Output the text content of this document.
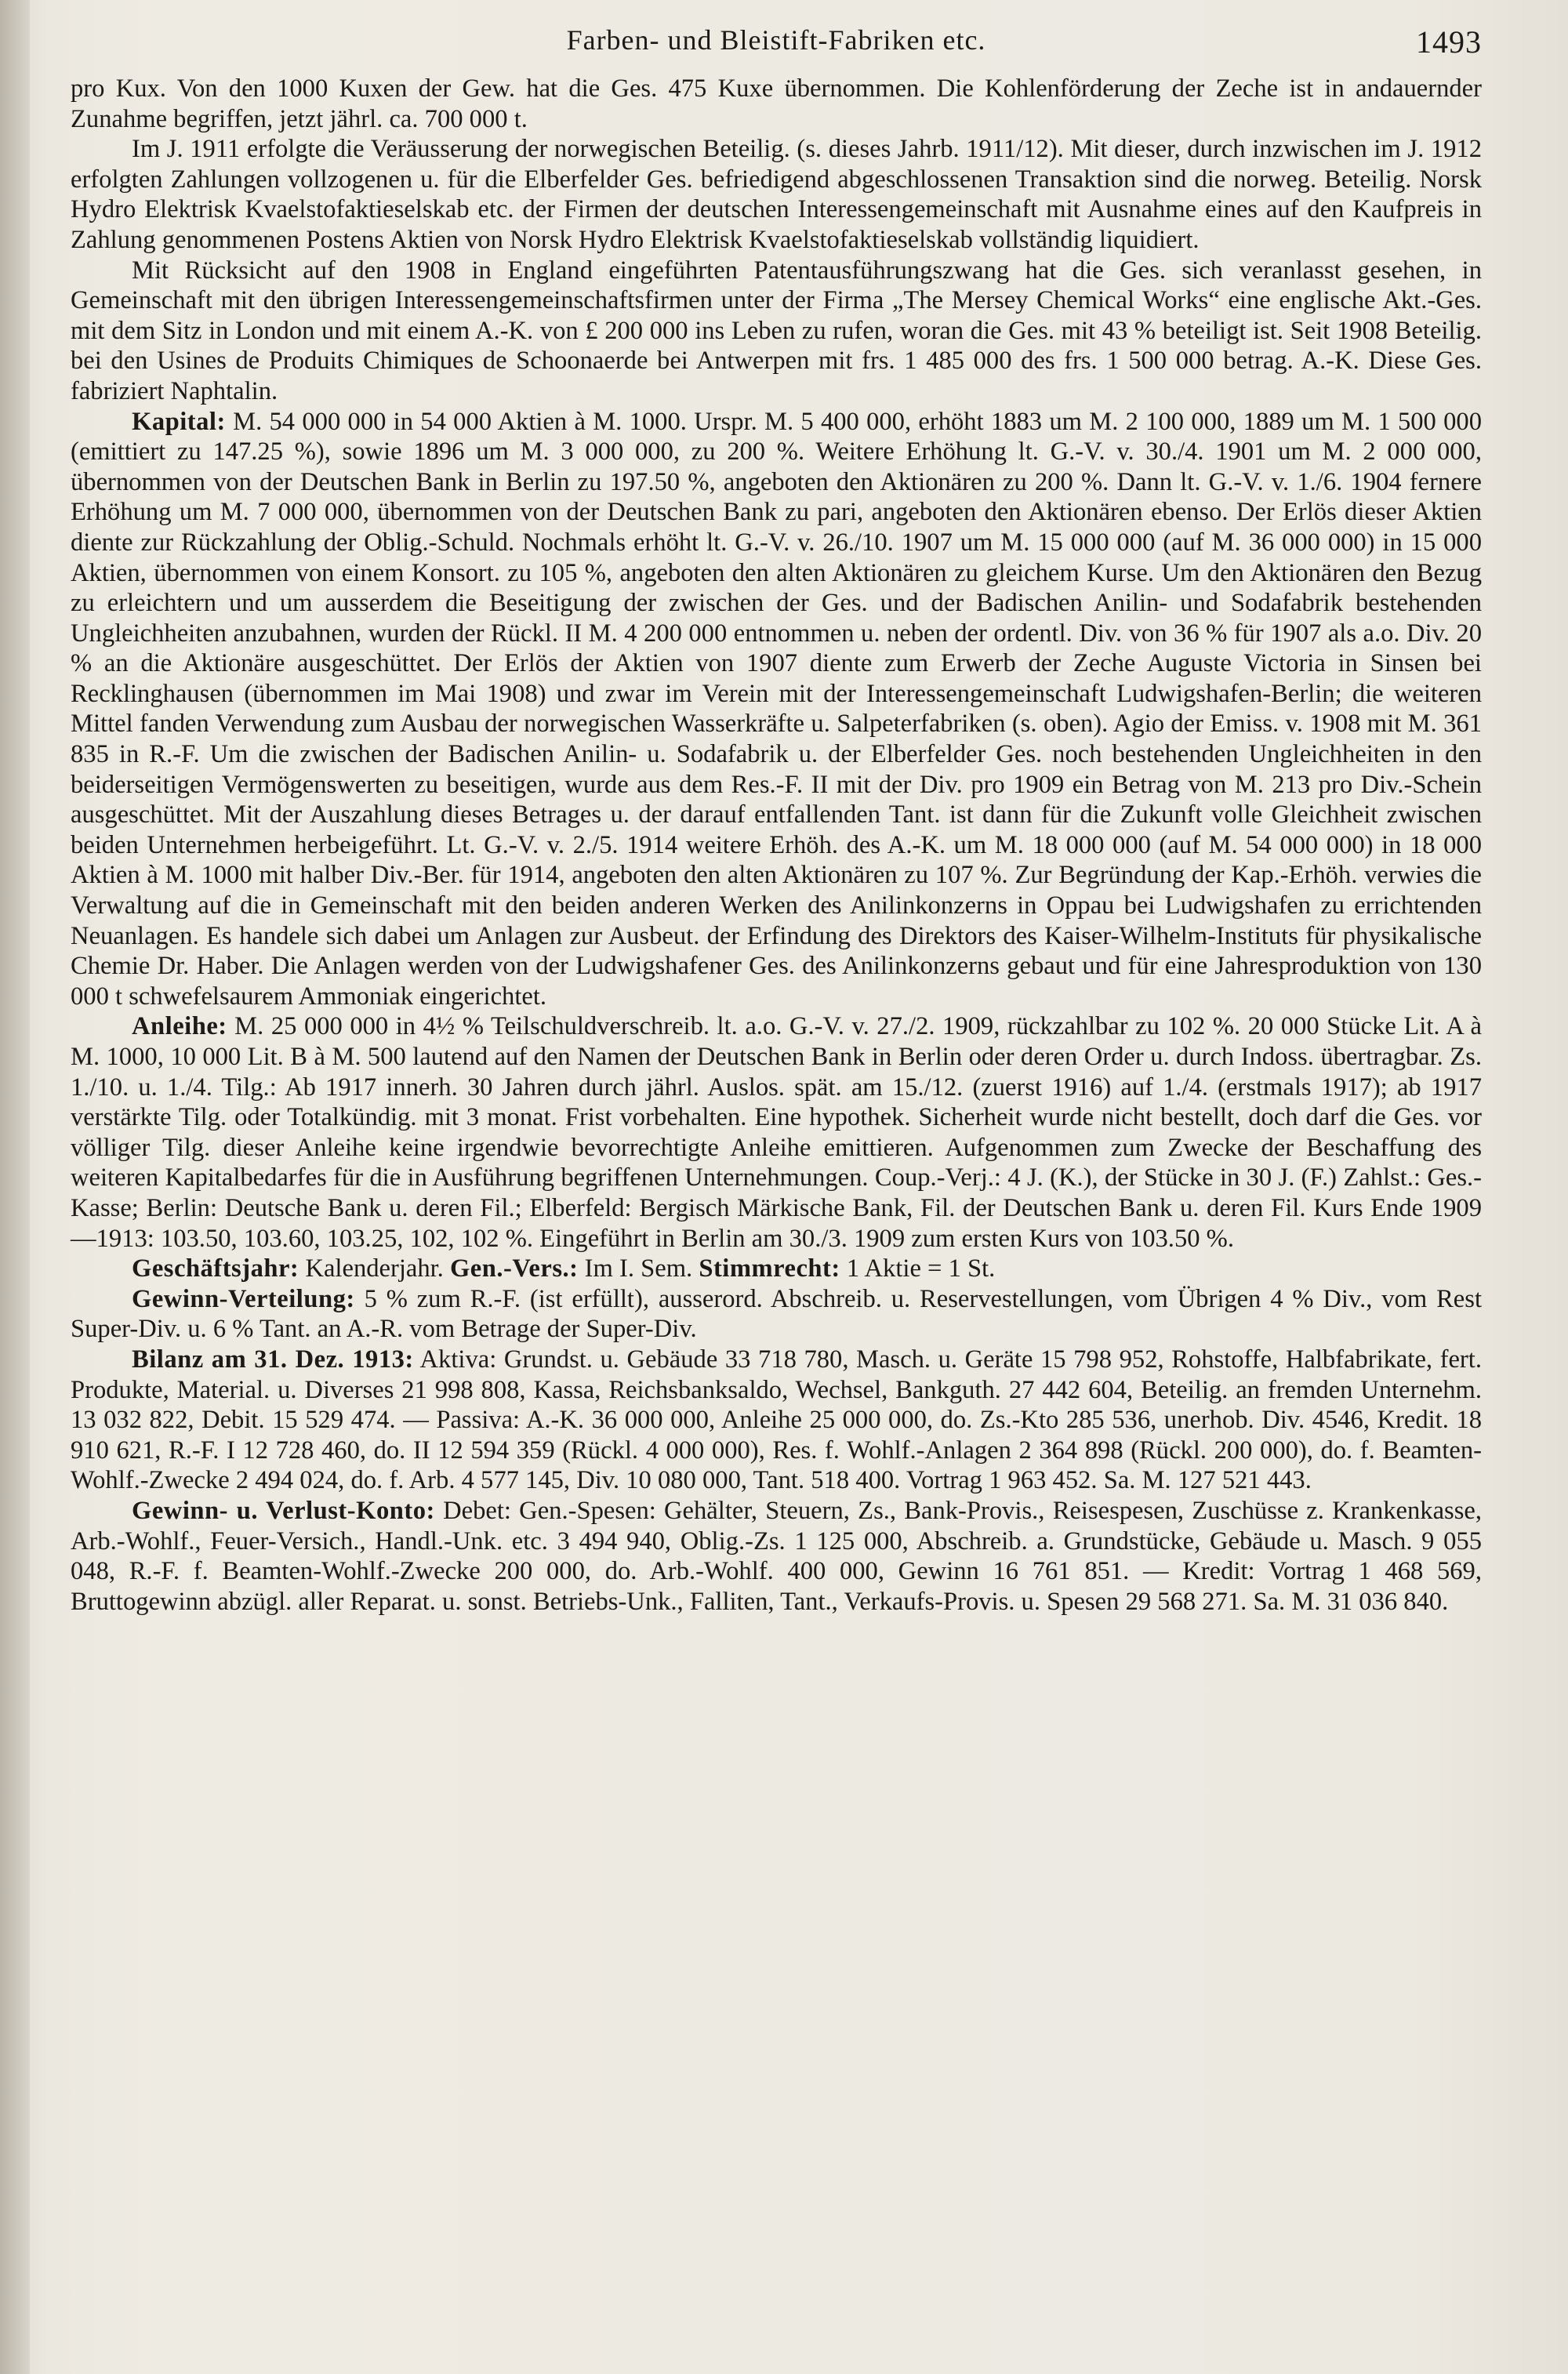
Farben- und Bleistift-Fabriken etc.	1493

pro Kux. Von den 1000 Kuxen der Gew. hat die Ges. 475 Kuxe übernommen. Die Kohlenförderung der Zeche ist in andauernder Zunahme begriffen, jetzt jährl. ca. 700 000 t.

Im J. 1911 erfolgte die Veräusserung der norwegischen Beteilig. (s. dieses Jahrb. 1911/12). Mit dieser, durch inzwischen im J. 1912 erfolgten Zahlungen vollzogenen u. für die Elberfelder Ges. befriedigend abgeschlossenen Transaktion sind die norweg. Beteilig. Norsk Hydro Elektrisk Kvaelstofaktieselskab etc. der Firmen der deutschen Interessengemeinschaft mit Ausnahme eines auf den Kaufpreis in Zahlung genommenen Postens Aktien von Norsk Hydro Elektrisk Kvaelstofaktieselskab vollständig liquidiert.

Mit Rücksicht auf den 1908 in England eingeführten Patentausführungszwang hat die Ges. sich veranlasst gesehen, in Gemeinschaft mit den übrigen Interessengemeinschaftsfirmen unter der Firma „The Mersey Chemical Works“ eine englische Akt.-Ges. mit dem Sitz in London und mit einem A.-K. von £ 200 000 ins Leben zu rufen, woran die Ges. mit 43 % beteiligt ist. Seit 1908 Beteilig. bei den Usines de Produits Chimiques de Schoonaerde bei Antwerpen mit frs. 1 485 000 des frs. 1 500 000 betrag. A.-K. Diese Ges. fabriziert Naphtalin.

Kapital: M. 54 000 000 in 54 000 Aktien à M. 1000. Urspr. M. 5 400 000, erhöht 1883 um M. 2 100 000, 1889 um M. 1 500 000 (emittiert zu 147.25 %), sowie 1896 um M. 3 000 000, zu 200 %. Weitere Erhöhung lt. G.-V. v. 30./4. 1901 um M. 2 000 000, übernommen von der Deutschen Bank in Berlin zu 197.50 %, angeboten den Aktionären zu 200 %. Dann lt. G.-V. v. 1./6. 1904 fernere Erhöhung um M. 7 000 000, übernommen von der Deutschen Bank zu pari, angeboten den Aktionären ebenso. Der Erlös dieser Aktien diente zur Rückzahlung der Oblig.-Schuld. Nochmals erhöht lt. G.-V. v. 26./10. 1907 um M. 15 000 000 (auf M. 36 000 000) in 15 000 Aktien, übernommen von einem Konsort. zu 105 %, angeboten den alten Aktionären zu gleichem Kurse. Um den Aktionären den Bezug zu erleichtern und um ausserdem die Beseitigung der zwischen der Ges. und der Badischen Anilin- und Sodafabrik bestehenden Ungleichheiten anzubahnen, wurden der Rückl. II M. 4 200 000 entnommen u. neben der ordentl. Div. von 36 % für 1907 als a.o. Div. 20 % an die Aktionäre ausgeschüttet. Der Erlös der Aktien von 1907 diente zum Erwerb der Zeche Auguste Victoria in Sinsen bei Recklinghausen (übernommen im Mai 1908) und zwar im Verein mit der Interessengemeinschaft Ludwigshafen-Berlin; die weiteren Mittel fanden Verwendung zum Ausbau der norwegischen Wasserkräfte u. Salpeterfabriken (s. oben). Agio der Emiss. v. 1908 mit M. 361 835 in R.-F. Um die zwischen der Badischen Anilin- u. Sodafabrik u. der Elberfelder Ges. noch bestehenden Ungleichheiten in den beiderseitigen Vermögenswerten zu beseitigen, wurde aus dem Res.-F. II mit der Div. pro 1909 ein Betrag von M. 213 pro Div.-Schein ausgeschüttet. Mit der Auszahlung dieses Betrages u. der darauf entfallenden Tant. ist dann für die Zukunft volle Gleichheit zwischen beiden Unternehmen herbeigeführt. Lt. G.-V. v. 2./5. 1914 weitere Erhöh. des A.-K. um M. 18 000 000 (auf M. 54 000 000) in 18 000 Aktien à M. 1000 mit halber Div.-Ber. für 1914, angeboten den alten Aktionären zu 107 %. Zur Begründung der Kap.-Erhöh. verwies die Verwaltung auf die in Gemeinschaft mit den beiden anderen Werken des Anilinkonzerns in Oppau bei Ludwigshafen zu errichtenden Neuanlagen. Es handele sich dabei um Anlagen zur Ausbeut. der Erfindung des Direktors des Kaiser-Wilhelm-Instituts für physikalische Chemie Dr. Haber. Die Anlagen werden von der Ludwigshafener Ges. des Anilinkonzerns gebaut und für eine Jahresproduktion von 130 000 t schwefelsaurem Ammoniak eingerichtet.

Anleihe: M. 25 000 000 in 4½ % Teilschuldverschreib. lt. a.o. G.-V. v. 27./2. 1909, rückzahlbar zu 102 %. 20 000 Stücke Lit. A à M. 1000, 10 000 Lit. B à M. 500 lautend auf den Namen der Deutschen Bank in Berlin oder deren Order u. durch Indoss. übertragbar. Zs. 1./10. u. 1./4. Tilg.: Ab 1917 innerh. 30 Jahren durch jährl. Auslos. spät. am 15./12. (zuerst 1916) auf 1./4. (erstmals 1917); ab 1917 verstärkte Tilg. oder Totalkündig. mit 3 monat. Frist vorbehalten. Eine hypothek. Sicherheit wurde nicht bestellt, doch darf die Ges. vor völliger Tilg. dieser Anleihe keine irgendwie bevorrechtigte Anleihe emittieren. Aufgenommen zum Zwecke der Beschaffung des weiteren Kapitalbedarfes für die in Ausführung begriffenen Unternehmungen. Coup.-Verj.: 4 J. (K.), der Stücke in 30 J. (F.) Zahlst.: Ges.-Kasse; Berlin: Deutsche Bank u. deren Fil.; Elberfeld: Bergisch Märkische Bank, Fil. der Deutschen Bank u. deren Fil. Kurs Ende 1909—1913: 103.50, 103.60, 103.25, 102, 102 %. Eingeführt in Berlin am 30./3. 1909 zum ersten Kurs von 103.50 %.

Geschäftsjahr: Kalenderjahr. Gen.-Vers.: Im I. Sem. Stimmrecht: 1 Aktie = 1 St.

Gewinn-Verteilung: 5 % zum R.-F. (ist erfüllt), ausserord. Abschreib. u. Reservestellungen, vom Übrigen 4 % Div., vom Rest Super-Div. u. 6 % Tant. an A.-R. vom Betrage der Super-Div.

Bilanz am 31. Dez. 1913: Aktiva: Grundst. u. Gebäude 33 718 780, Masch. u. Geräte 15 798 952, Rohstoffe, Halbfabrikate, fert. Produkte, Material. u. Diverses 21 998 808, Kassa, Reichsbanksaldo, Wechsel, Bankguth. 27 442 604, Beteilig. an fremden Unternehm. 13 032 822, Debit. 15 529 474. — Passiva: A.-K. 36 000 000, Anleihe 25 000 000, do. Zs.-Kto 285 536, unerhob. Div. 4546, Kredit. 18 910 621, R.-F. I 12 728 460, do. II 12 594 359 (Rückl. 4 000 000), Res. f. Wohlf.-Anlagen 2 364 898 (Rückl. 200 000), do. f. Beamten-Wohlf.-Zwecke 2 494 024, do. f. Arb. 4 577 145, Div. 10 080 000, Tant. 518 400. Vortrag 1 963 452. Sa. M. 127 521 443.

Gewinn- u. Verlust-Konto: Debet: Gen.-Spesen: Gehälter, Steuern, Zs., Bank-Provis., Reisespesen, Zuschüsse z. Krankenkasse, Arb.-Wohlf., Feuer-Versich., Handl.-Unk. etc. 3 494 940, Oblig.-Zs. 1 125 000, Abschreib. a. Grundstücke, Gebäude u. Masch. 9 055 048, R.-F. f. Beamten-Wohlf.-Zwecke 200 000, do. Arb.-Wohlf. 400 000, Gewinn 16 761 851. — Kredit: Vortrag 1 468 569, Bruttogewinn abzügl. aller Reparat. u. sonst. Betriebs-Unk., Falliten, Tant., Verkaufs-Provis. u. Spesen 29 568 271. Sa. M. 31 036 840.
